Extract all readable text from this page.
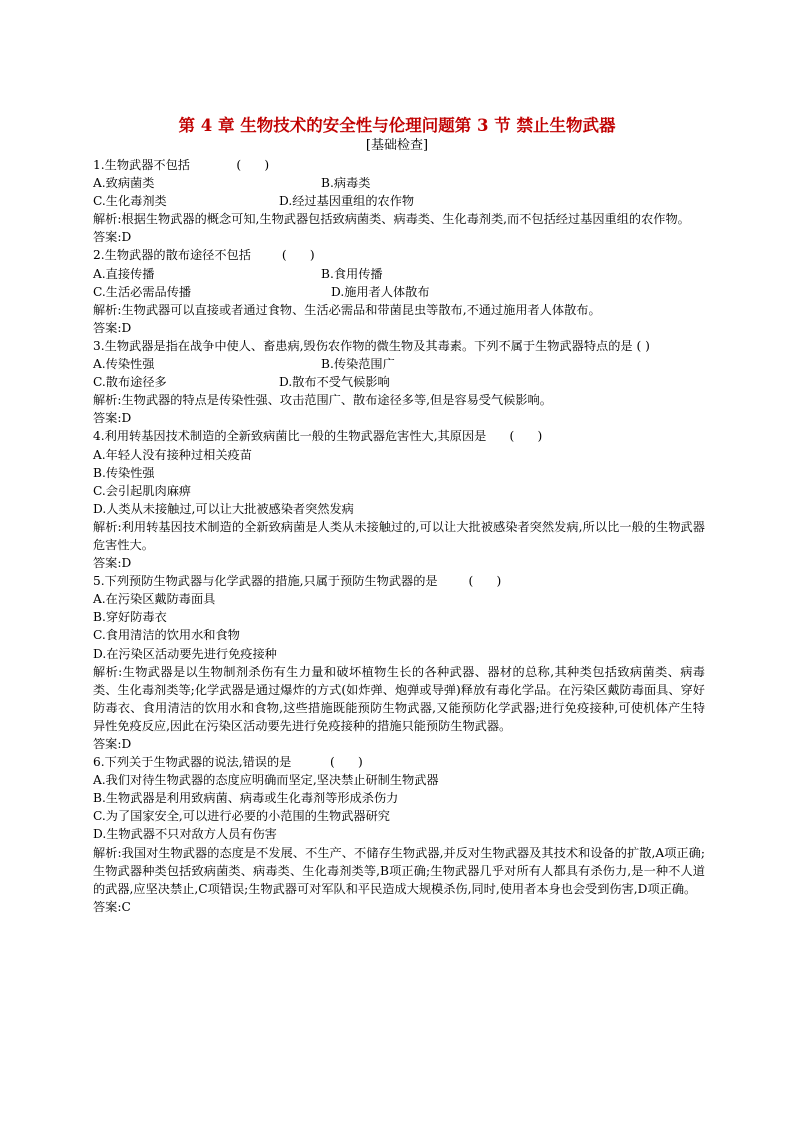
第 4 章 生物技术的安全性与伦理问题第 3 节 禁止生物武器
[基础检查]
1.生物武器不包括            (      )

A.致病菌类

	B.病毒类

C.生化毒剂类

	D.经过基因重组的农作物

解析:根据生物武器的概念可知,生物武器包括致病菌类、病毒类、生化毒剂类,而不包括经过基因重组的农作物。
答案:D
2.生物武器的散布途径不包括        (      )

A.直接传播

	B.食用传播

C.生活必需品传播

	D.施用者人体散布

解析:生物武器可以直接或者通过食物、生活必需品和带菌昆虫等散布,不通过施用者人体散布。
答案:D
3.生物武器是指在战争中使人、畜患病,毁伤农作物的微生物及其毒素。下列不属于生物武器特点的是 ( )

A.传染性强

	B.传染范围广

C.散布途径多

	D.散布不受气候影响

解析:生物武器的特点是传染性强、攻击范围广、散布途径多等,但是容易受气候影响。
答案:D
4.利用转基因技术制造的全新致病菌比一般的生物武器危害性大,其原因是      (      )
A.年轻人没有接种过相关疫苗
B.传染性强
C.会引起肌肉麻痹
D.人类从未接触过,可以让大批被感染者突然发病
解析:利用转基因技术制造的全新致病菌是人类从未接触过的,可以让大批被感染者突然发病,所以比一般的生物武器危害性大。
答案:D
5.下列预防生物武器与化学武器的措施,只属于预防生物武器的是        (      )
A.在污染区戴防毒面具
B.穿好防毒衣
C.食用清洁的饮用水和食物
D.在污染区活动要先进行免疫接种
解析:生物武器是以生物制剂杀伤有生力量和破坏植物生长的各种武器、器材的总称,其种类包括致病菌类、病毒类、生化毒剂类等;化学武器是通过爆炸的方式(如炸弹、炮弹或导弹)释放有毒化学品。在污染区戴防毒面具、穿好防毒衣、食用清洁的饮用水和食物,这些措施既能预防生物武器,又能预防化学武器;进行免疫接种,可使机体产生特异性免疫反应,因此在污染区活动要先进行免疫接种的措施只能预防生物武器。
答案:D
6.下列关于生物武器的说法,错误的是          (      )
A.我们对待生物武器的态度应明确而坚定,坚决禁止研制生物武器
B.生物武器是利用致病菌、病毒或生化毒剂等形成杀伤力
C.为了国家安全,可以进行必要的小范围的生物武器研究
D.生物武器不只对敌方人员有伤害
解析:我国对生物武器的态度是不发展、不生产、不储存生物武器,并反对生物武器及其技术和设备的扩散,A项正确;生物武器种类包括致病菌类、病毒类、生化毒剂类等,B项正确;生物武器几乎对所有人都具有杀伤力,是一种不人道的武器,应坚决禁止,C项错误;生物武器可对军队和平民造成大规模杀伤,同时,使用者本身也会受到伤害,D项正确。
答案:C
